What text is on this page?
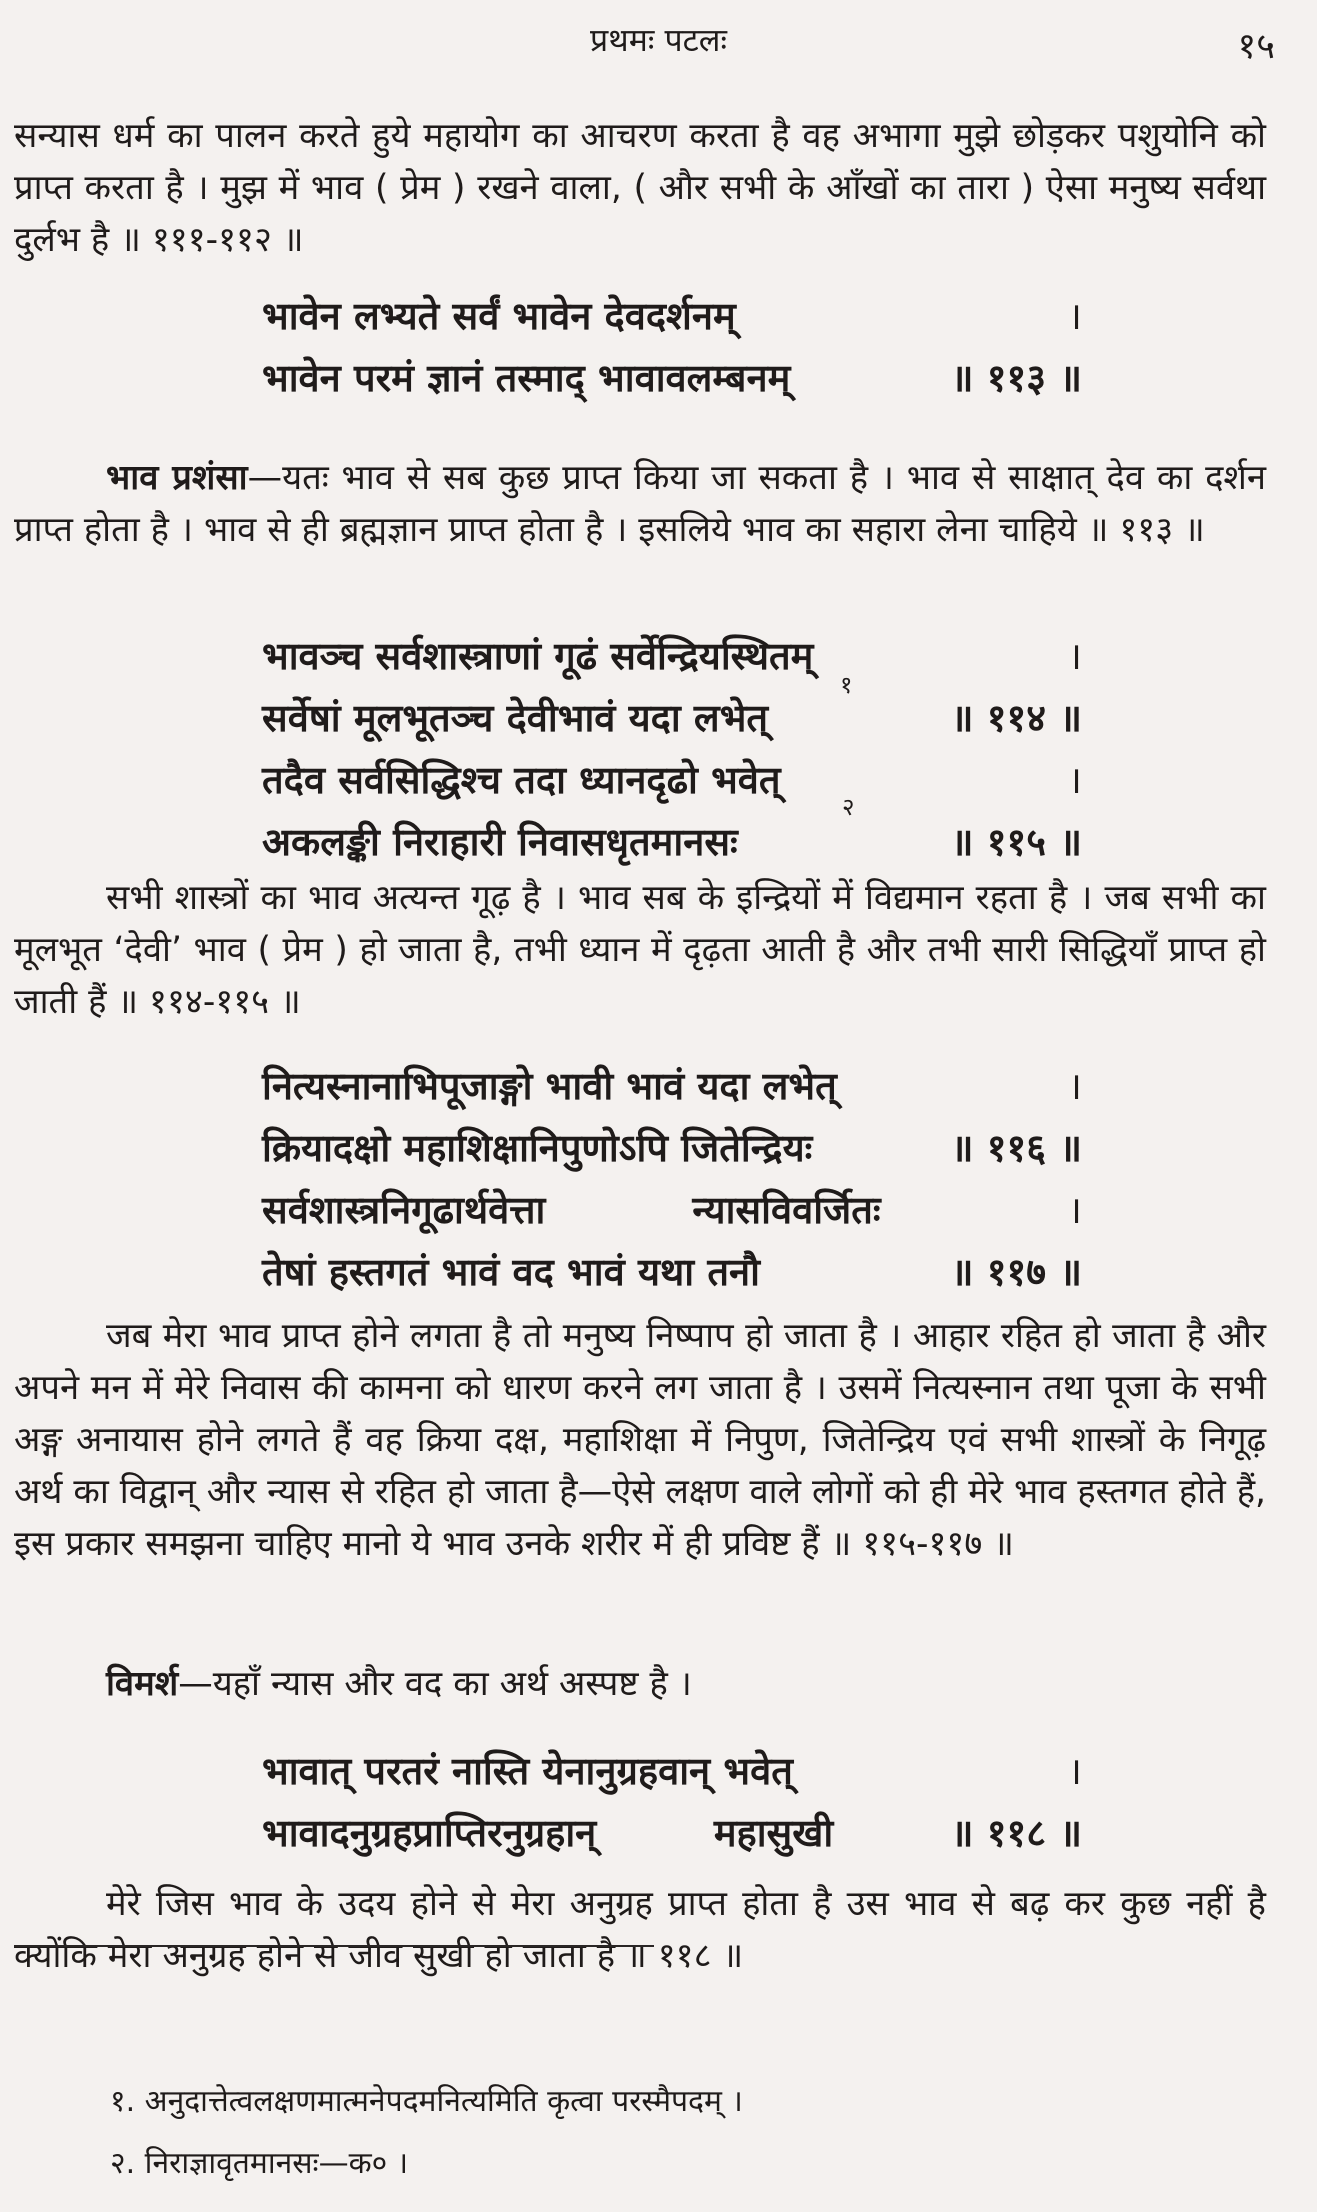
प्रथमः पटलः	१५
सन्यास धर्म का पालन करते हुये महायोग का आचरण करता है वह अभागा मुझे छोड़कर पशुयोनि को प्राप्त करता है । मुझ में भाव ( प्रेम ) रखने वाला, ( और सभी के आँखों का तारा ) ऐसा मनुष्य सर्वथा दुर्लभ है ॥ १११-११२ ॥
भावेन लभ्यते सर्वं भावेन देवदर्शनम्	।
भावेन परमं ज्ञानं तस्माद् भावावलम्बनम्	॥ ११३ ॥
भाव प्रशंसा—यतः भाव से सब कुछ प्राप्त किया जा सकता है । भाव से साक्षात् देव का दर्शन प्राप्त होता है । भाव से ही ब्रह्मज्ञान प्राप्त होता है । इसलिये भाव का सहारा लेना चाहिये ॥ ११३ ॥
भावञ्च सर्वशास्त्राणां गूढं सर्वेन्द्रियस्थितम्	।
सर्वेषां मूलभूतञ्च देवीभावं यदा लभेत्	॥ ११४ ॥
तदैव सर्वसिद्धिश्च तदा ध्यानदृढो भवेत्	।
अकलङ्की निराहारी निवासधृतमानसः	॥ ११५ ॥
१
२
सभी शास्त्रों का भाव अत्यन्त गूढ़ है । भाव सब के इन्द्रियों में विद्यमान रहता है । जब सभी का मूलभूत ‘देवी’ भाव ( प्रेम ) हो जाता है, तभी ध्यान में दृढ़ता आती है और तभी सारी सिद्धियाँ प्राप्त हो जाती हैं ॥ ११४-११५ ॥
नित्यस्नानाभिपूजाङ्गो भावी भावं यदा लभेत्	।
क्रियादक्षो महाशिक्षानिपुणोऽपि जितेन्द्रियः	॥ ११६ ॥
सर्वशास्त्रनिगूढार्थवेत्ता	न्यासविवर्जितः	।
तेषां हस्तगतं भावं वद भावं यथा तनौ	॥ ११७ ॥
जब मेरा भाव प्राप्त होने लगता है तो मनुष्य निष्पाप हो जाता है । आहार रहित हो जाता है और अपने मन में मेरे निवास की कामना को धारण करने लग जाता है । उसमें नित्यस्नान तथा पूजा के सभी अङ्ग अनायास होने लगते हैं वह क्रिया दक्ष, महाशिक्षा में निपुण, जितेन्द्रिय एवं सभी शास्त्रों के निगूढ़ अर्थ का विद्वान् और न्यास से रहित हो जाता है—ऐसे लक्षण वाले लोगों को ही मेरे भाव हस्तगत होते हैं, इस प्रकार समझना चाहिए मानो ये भाव उनके शरीर में ही प्रविष्ट हैं ॥ ११५-११७ ॥
विमर्श—यहाँ न्यास और वद का अर्थ अस्पष्ट है ।
भावात् परतरं नास्ति येनानुग्रहवान् भवेत्	।
भावादनुग्रहप्राप्तिरनुग्रहान्	महासुखी	॥ ११८ ॥
मेरे जिस भाव के उदय होने से मेरा अनुग्रह प्राप्त होता है उस भाव से बढ़ कर कुछ नहीं है क्योंकि मेरा अनुग्रह होने से जीव सुखी हो जाता है ॥ ११८ ॥
१. अनुदात्तेत्वलक्षणमात्मनेपदमनित्यमिति कृत्वा परस्मैपदम् ।
२. निराज्ञावृतमानसः—क० ।
